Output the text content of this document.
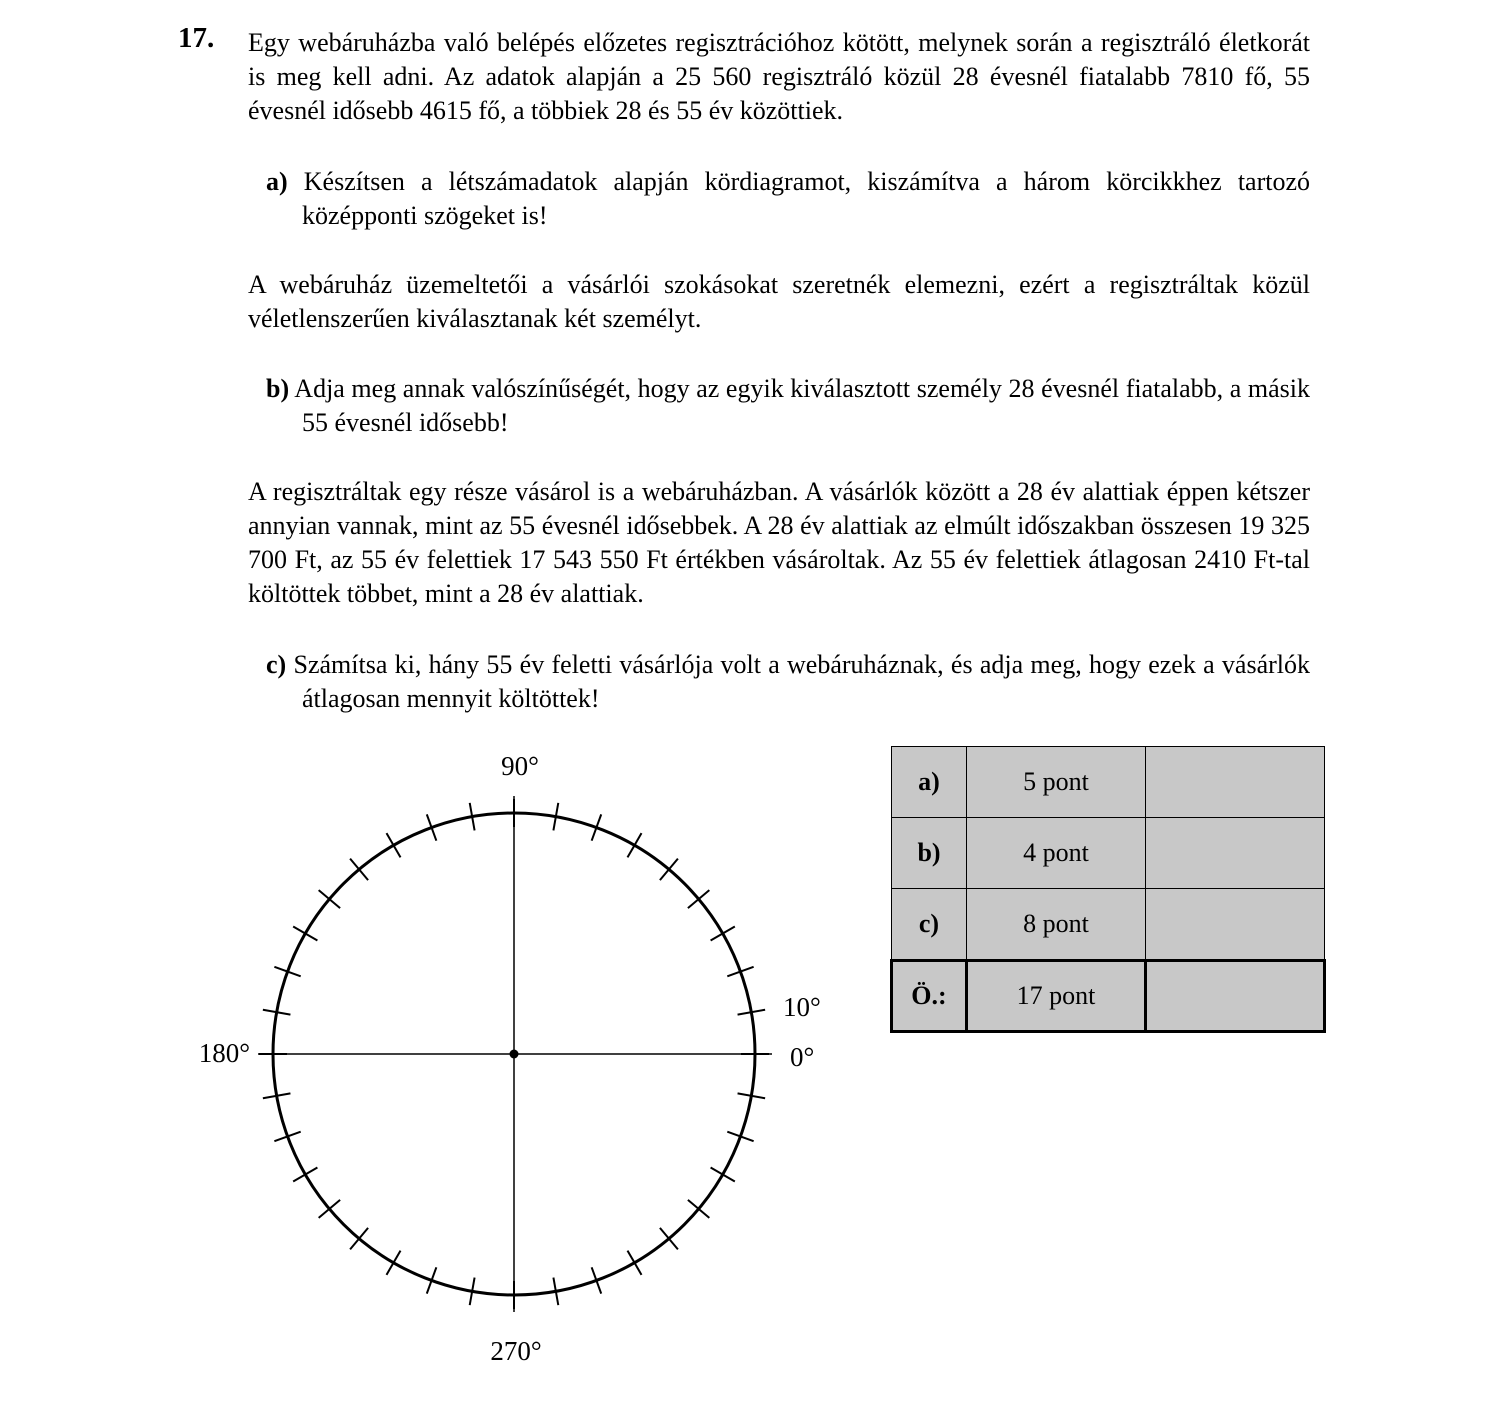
17. Egy webáruházba való belépés előzetes regisztrációhoz kötött, melynek során a regisztráló életkorát is meg kell adni. Az adatok alapján a 25 560 regisztráló közül 28 évesnél fiatalabb 7810 fő, 55 évesnél idősebb 4615 fő, a többiek 28 és 55 év közöttiek.
a) Készítsen a létszámadatok alapján kördiagramot, kiszámítva a három körcikkhez tartozó középponti szögeket is!
A webáruház üzemeltetői a vásárlói szokásokat szeretnék elemezni, ezért a regisztráltak közül véletlenszerűen kiválasztanak két személyt.
b) Adja meg annak valószínűségét, hogy az egyik kiválasztott személy 28 évesnél fiatalabb, a másik 55 évesnél idősebb!
A regisztráltak egy része vásárol is a webáruházban. A vásárlók között a 28 év alattiak éppen kétszer annyian vannak, mint az 55 évesnél idősebbek. A 28 év alattiak az elmúlt időszakban összesen 19 325 700 Ft, az 55 év felettiek 17 543 550 Ft értékben vásároltak. Az 55 év felettiek átlagosan 2410 Ft-tal költöttek többet, mint a 28 év alattiak.
c) Számítsa ki, hány 55 év feletti vásárlója volt a webáruháznak, és adja meg, hogy ezek a vásárlók átlagosan mennyit költöttek!
90°
10°
0°
180°
270°
a)	5 pont	
b)	4 pont	
c)	8 pont	
Ö.:	17 pont	
